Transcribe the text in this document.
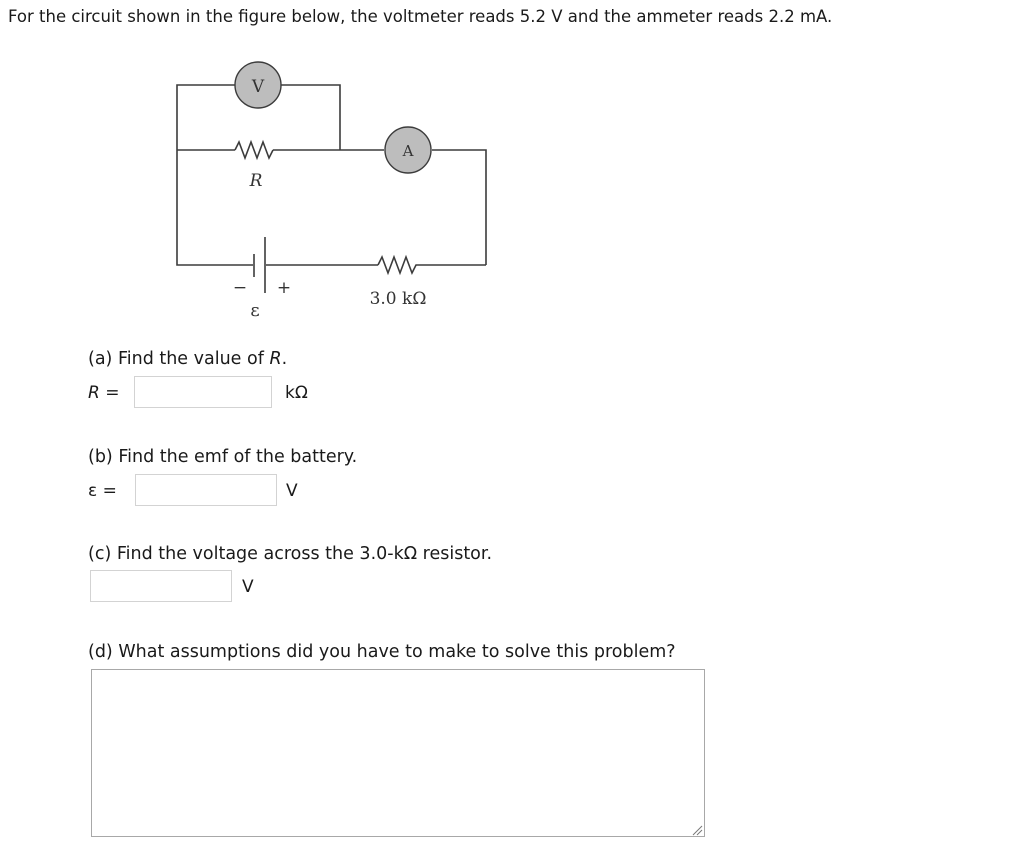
For the circuit shown in the figure below, the voltmeter reads 5.2 V and the ammeter reads 2.2 mA.
V
A
R
− +
ε
3.0 kΩ
(a) Find the value of R.
R =	kΩ
(b) Find the emf of the battery.
ε =	V
(c) Find the voltage across the 3.0-kΩ resistor.
V
(d) What assumptions did you have to make to solve this problem?
